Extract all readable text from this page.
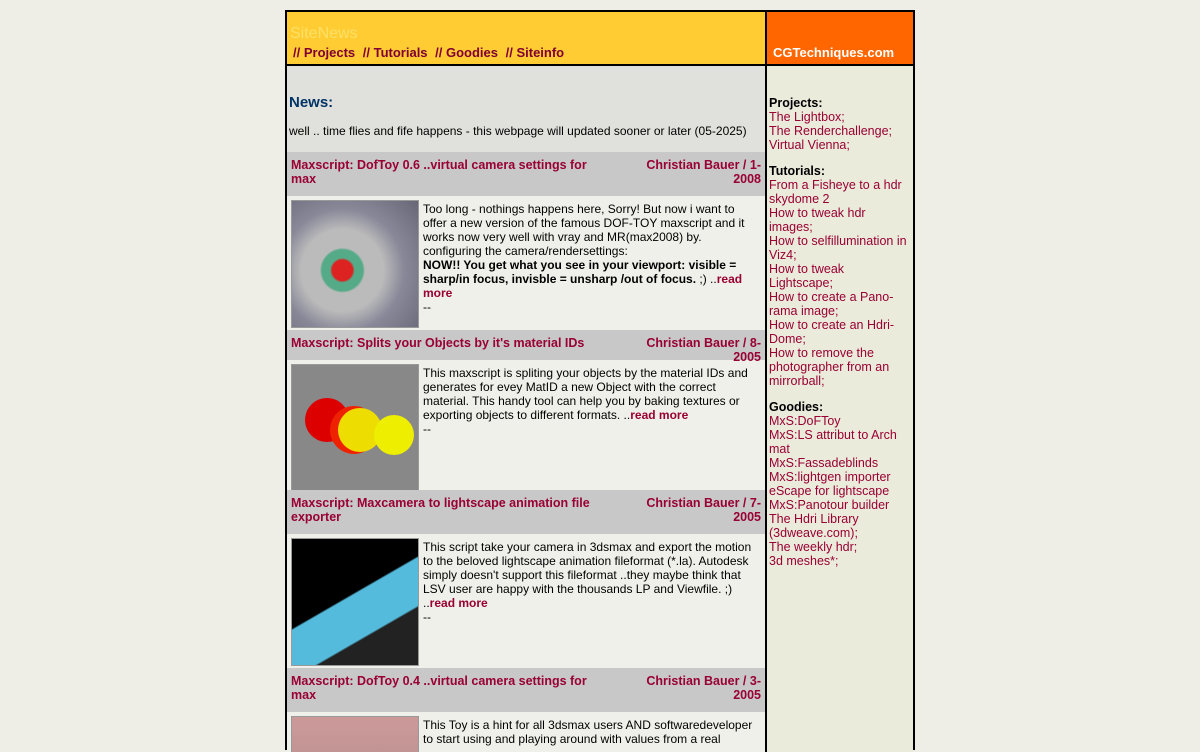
SiteNews
// Projects // Tutorials // Goodies // Siteinfo	CGTechniques.com
News:
well .. time flies and fife happens - this webpage will updated sooner or later (05-2025)
Maxscript: DofToy 0.6 ..virtual camera settings for max
Christian Bauer / 1-2008
Too long - nothings happens here, Sorry! But now i want to offer a new version of the famous DOF-TOY maxscript and it works now very well with vray and MR(max2008) by. configuring the camera/rendersettings:
NOW!! You get what you see in your viewport: visible = sharp/in focus, invisble = unsharp /out of focus. ;) ..read more
--
Maxscript: Splits your Objects by it's material IDs	Christian Bauer / 8-2005
This maxscript is spliting your objects by the material IDs and generates for evey MatID a new Object with the correct material. This handy tool can help you by baking textures or exporting objects to different formats. ..read more
--
Maxscript: Maxcamera to lightscape animation file exporter
Christian Bauer / 7-2005
This script take your camera in 3dsmax and export the motion to the beloved lightscape animation fileformat (*.la). Autodesk simply doesn't support this fileformat ..they maybe think that LSV user are happy with the thousands LP and Viewfile. ;) ..read more
--
Maxscript: DofToy 0.4 ..virtual camera settings for max
Christian Bauer / 3-2005
This Toy is a hint for all 3dsmax users AND softwaredeveloper to start using and playing around with values from a real
Projects:
The Lightbox;
The Renderchallenge;
Virtual Vienna;
Tutorials:
From a Fisheye to a hdr skydome 2
How to tweak hdr images;
How to selfillumination in Viz4;
How to tweak Lightscape;
How to create a Pano-rama image;
How to create an Hdri-Dome;
How to remove the photographer from an mirrorball;
Goodies:
MxS:DoFToy
MxS:LS attribut to Arch mat
MxS:Fassadeblinds
MxS:lightgen importer
eScape for lightscape
MxS:Panotour builder
The Hdri Library (3dweave.com);
The weekly hdr;
3d meshes*;
